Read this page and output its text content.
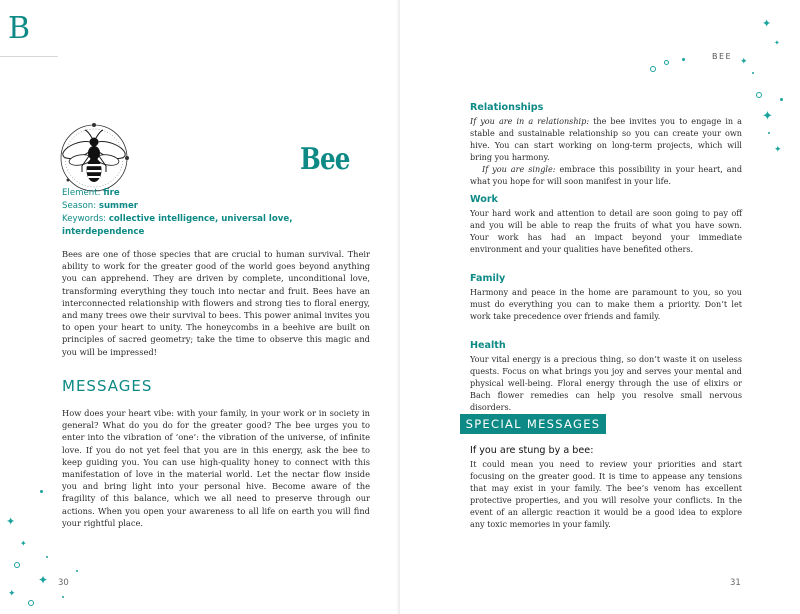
B
Bee
Element: fire
Season: summer
Keywords: collective intelligence, universal love, interdependence

Bees are one of those species that are crucial to human survival. Their ability to work for the greater good of the world goes beyond anything you can apprehend. They are driven by complete, unconditional love, transforming everything they touch into nectar and fruit. Bees have an interconnected relationship with flowers and strong ties to floral energy, and many trees owe their survival to bees. This power animal invites you to open your heart to unity. The honeycombs in a beehive are built on principles of sacred geometry; take the time to observe this magic and you will be impressed!

MESSAGES

How does your heart vibe: with your family, in your work or in society in general? What do you do for the greater good? The bee urges you to enter into the vibration of ‘one’: the vibration of the universe, of infinite love. If you do not yet feel that you are in this energy, ask the bee to keep guiding you. You can use high-quality honey to connect with this manifestation of love in the material world. Let the nectar flow inside you and bring light into your personal hive. Become aware of the fragility of this balance, which we all need to preserve through our actions. When you open your awareness to all life on earth you will find your rightful place.

30
✦
✦
✦
✦
BEE
✦
✦
✦
✦
✦
Relationships

If you are in a relationship: the bee invites you to engage in a stable and sustainable relationship so you can create your own hive. You can start working on long-term projects, which will bring you harmony.

If you are single: embrace this possibility in your heart, and what you hope for will soon manifest in your life.

Work

Your hard work and attention to detail are soon going to pay off and you will be able to reap the fruits of what you have sown. Your work has had an impact beyond your immediate environment and your qualities have benefited others.

Family

Harmony and peace in the home are paramount to you, so you must do everything you can to make them a priority. Don’t let work take precedence over friends and family.

Health

Your vital energy is a precious thing, so don’t waste it on useless quests. Focus on what brings you joy and serves your mental and physical well-being. Floral energy through the use of elixirs or Bach flower remedies can help you resolve small nervous disorders.

SPECIAL MESSAGES
If you are stung by a bee:

It could mean you need to review your priorities and start focusing on the greater good. It is time to appease any tensions that may exist in your family. The bee’s venom has excellent protective properties, and you will resolve your conflicts. In the event of an allergic reaction it would be a good idea to explore any toxic memories in your family.

31
